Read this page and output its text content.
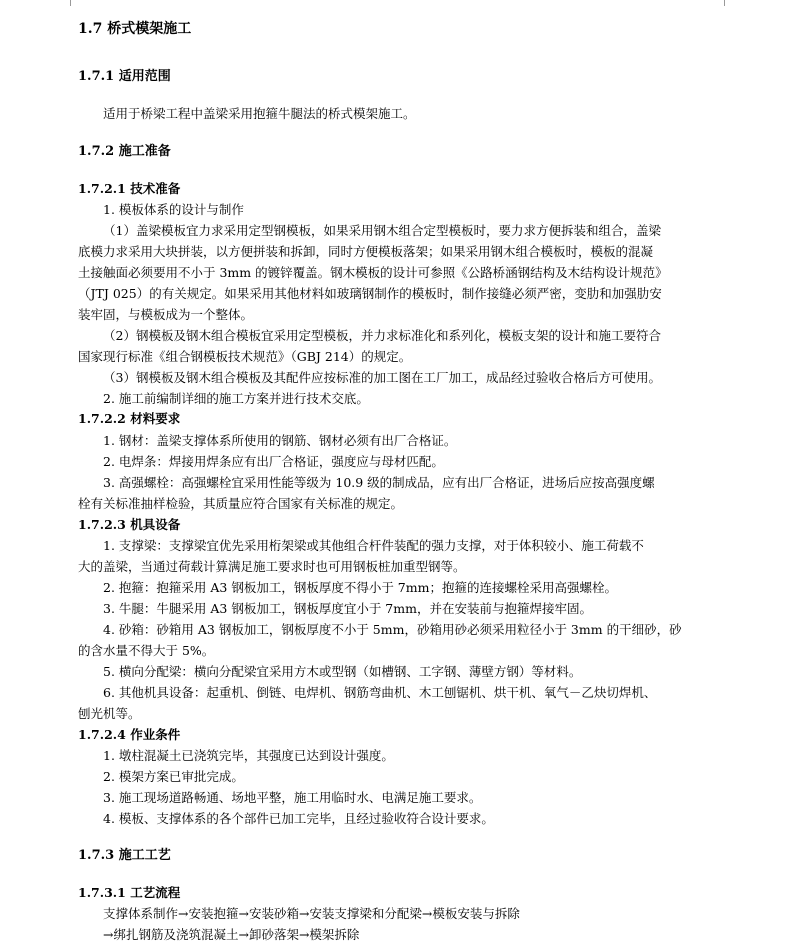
1.7 桥式模架施工
1.7.1 适用范围
适用于桥梁工程中盖梁采用抱箍牛腿法的桥式模架施工。
1.7.2 施工准备
1.7.2.1 技术准备
1. 模板体系的设计与制作
（1）盖梁模板宜力求采用定型钢模板，如果采用钢木组合定型模板时，要力求方便拆装和组合，盖梁
底模力求采用大块拼装，以方便拼装和拆卸，同时方便模板落架；如果采用钢木组合模板时，模板的混凝
土接触面必须要用不小于 3mm 的镀锌覆盖。钢木模板的设计可参照《公路桥涵钢结构及木结构设计规范》
（JTJ 025）的有关规定。如果采用其他材料如玻璃钢制作的模板时，制作接缝必须严密，变肋和加强肋安
装牢固，与模板成为一个整体。
（2）钢模板及钢木组合模板宜采用定型模板，并力求标准化和系列化，模板支架的设计和施工要符合
国家现行标准《组合钢模板技术规范》（GBJ 214）的规定。
（3）钢模板及钢木组合模板及其配件应按标准的加工图在工厂加工，成品经过验收合格后方可使用。
2. 施工前编制详细的施工方案并进行技术交底。
1.7.2.2 材料要求
1. 钢材：盖梁支撑体系所使用的钢筋、钢材必须有出厂合格证。
2. 电焊条：焊接用焊条应有出厂合格证，强度应与母材匹配。
3. 高强螺栓：高强螺栓宜采用性能等级为 10.9 级的制成品，应有出厂合格证，进场后应按高强度螺
栓有关标准抽样检验，其质量应符合国家有关标准的规定。
1.7.2.3 机具设备
1. 支撑梁：支撑梁宜优先采用桁架梁或其他组合杆件装配的强力支撑，对于体积较小、施工荷载不
大的盖梁，当通过荷载计算满足施工要求时也可用钢板桩加重型钢等。
2. 抱箍：抱箍采用 A3 钢板加工，钢板厚度不得小于 7mm；抱箍的连接螺栓采用高强螺栓。
3. 牛腿：牛腿采用 A3 钢板加工，钢板厚度宜小于 7mm，并在安装前与抱箍焊接牢固。
4. 砂箱：砂箱用 A3 钢板加工，钢板厚度不小于 5mm，砂箱用砂必须采用粒径小于 3mm 的干细砂，砂
的含水量不得大于 5%。
5. 横向分配梁：横向分配梁宜采用方木或型钢（如槽钢、工字钢、薄壁方钢）等材料。
6. 其他机具设备：起重机、倒链、电焊机、钢筋弯曲机、木工刨锯机、烘干机、氧气－乙炔切焊机、
刨光机等。
1.7.2.4 作业条件
1. 墩柱混凝土已浇筑完毕，其强度已达到设计强度。
2. 模架方案已审批完成。
3. 施工现场道路畅通、场地平整，施工用临时水、电满足施工要求。
4. 模板、支撑体系的各个部件已加工完毕，且经过验收符合设计要求。
1.7.3 施工工艺
1.7.3.1 工艺流程
支撑体系制作→安装抱箍→安装砂箱→安装支撑梁和分配梁→模板安装与拆除
→绑扎钢筋及浇筑混凝土→卸砂落架→模架拆除
